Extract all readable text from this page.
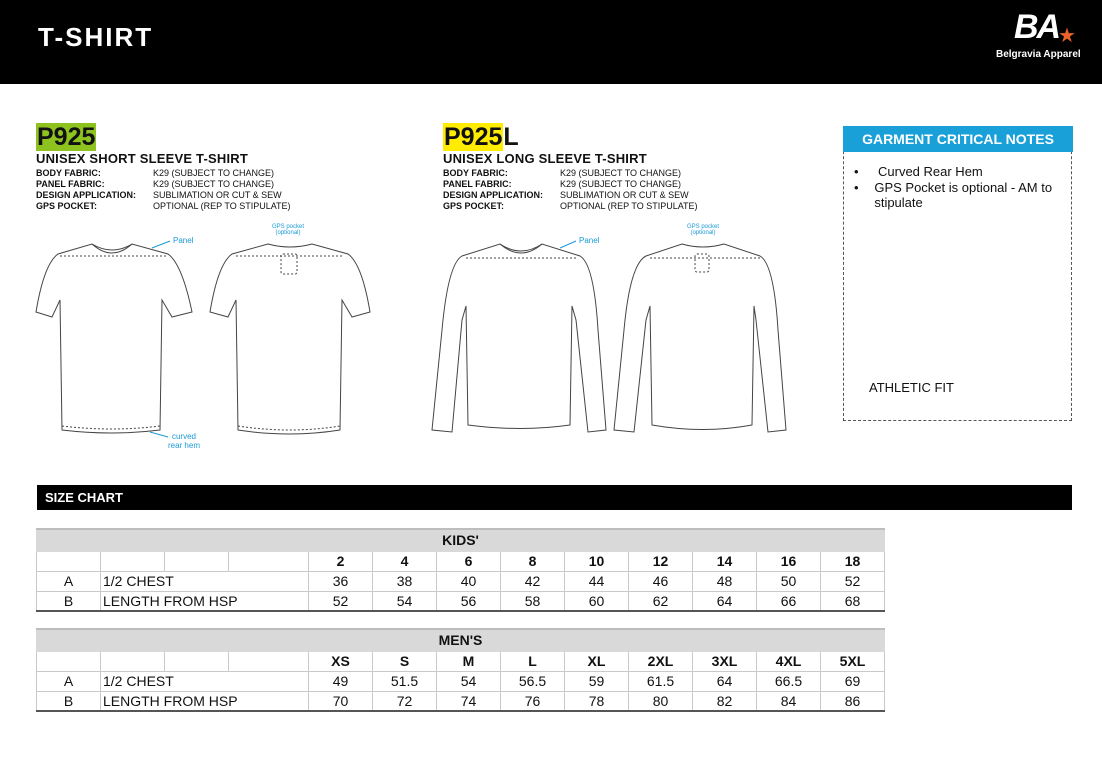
T-SHIRT	BA
★
Belgravia Apparel
P925
UNISEX SHORT SLEEVE T-SHIRT
BODY FABRIC:	K29 (SUBJECT TO CHANGE)
PANEL FABRIC:	K29 (SUBJECT TO CHANGE)
DESIGN APPLICATION:	SUBLIMATION OR CUT & SEW
GPS POCKET:	OPTIONAL (REP TO STIPULATE)
P925L
UNISEX LONG SLEEVE T-SHIRT
BODY FABRIC:	K29 (SUBJECT TO CHANGE)
PANEL FABRIC:	K29 (SUBJECT TO CHANGE)
DESIGN APPLICATION:	SUBLIMATION OR CUT & SEW
GPS POCKET:	OPTIONAL (REP TO STIPULATE)
Panel
GPS pocket
(optional)
curved
rear hem
Panel
GPS pocket
(optional)
GARMENT CRITICAL NOTES
•	Curved Rear Hem
•	GPS Pocket is optional - AM to stipulate
ATHLETIC FIT
SIZE CHART
KIDS'												
				2	4	6	8	10	12	14	16	18
A	1/2 CHEST			36	38	40	42	44	46	48	50	52
B	LENGTH FROM HSP			52	54	56	58	60	62	64	66	68
MEN'S												
				XS	S	M	L	XL	2XL	3XL	4XL	5XL
A	1/2 CHEST			49	51.5	54	56.5	59	61.5	64	66.5	69
B	LENGTH FROM HSP			70	72	74	76	78	80	82	84	86
